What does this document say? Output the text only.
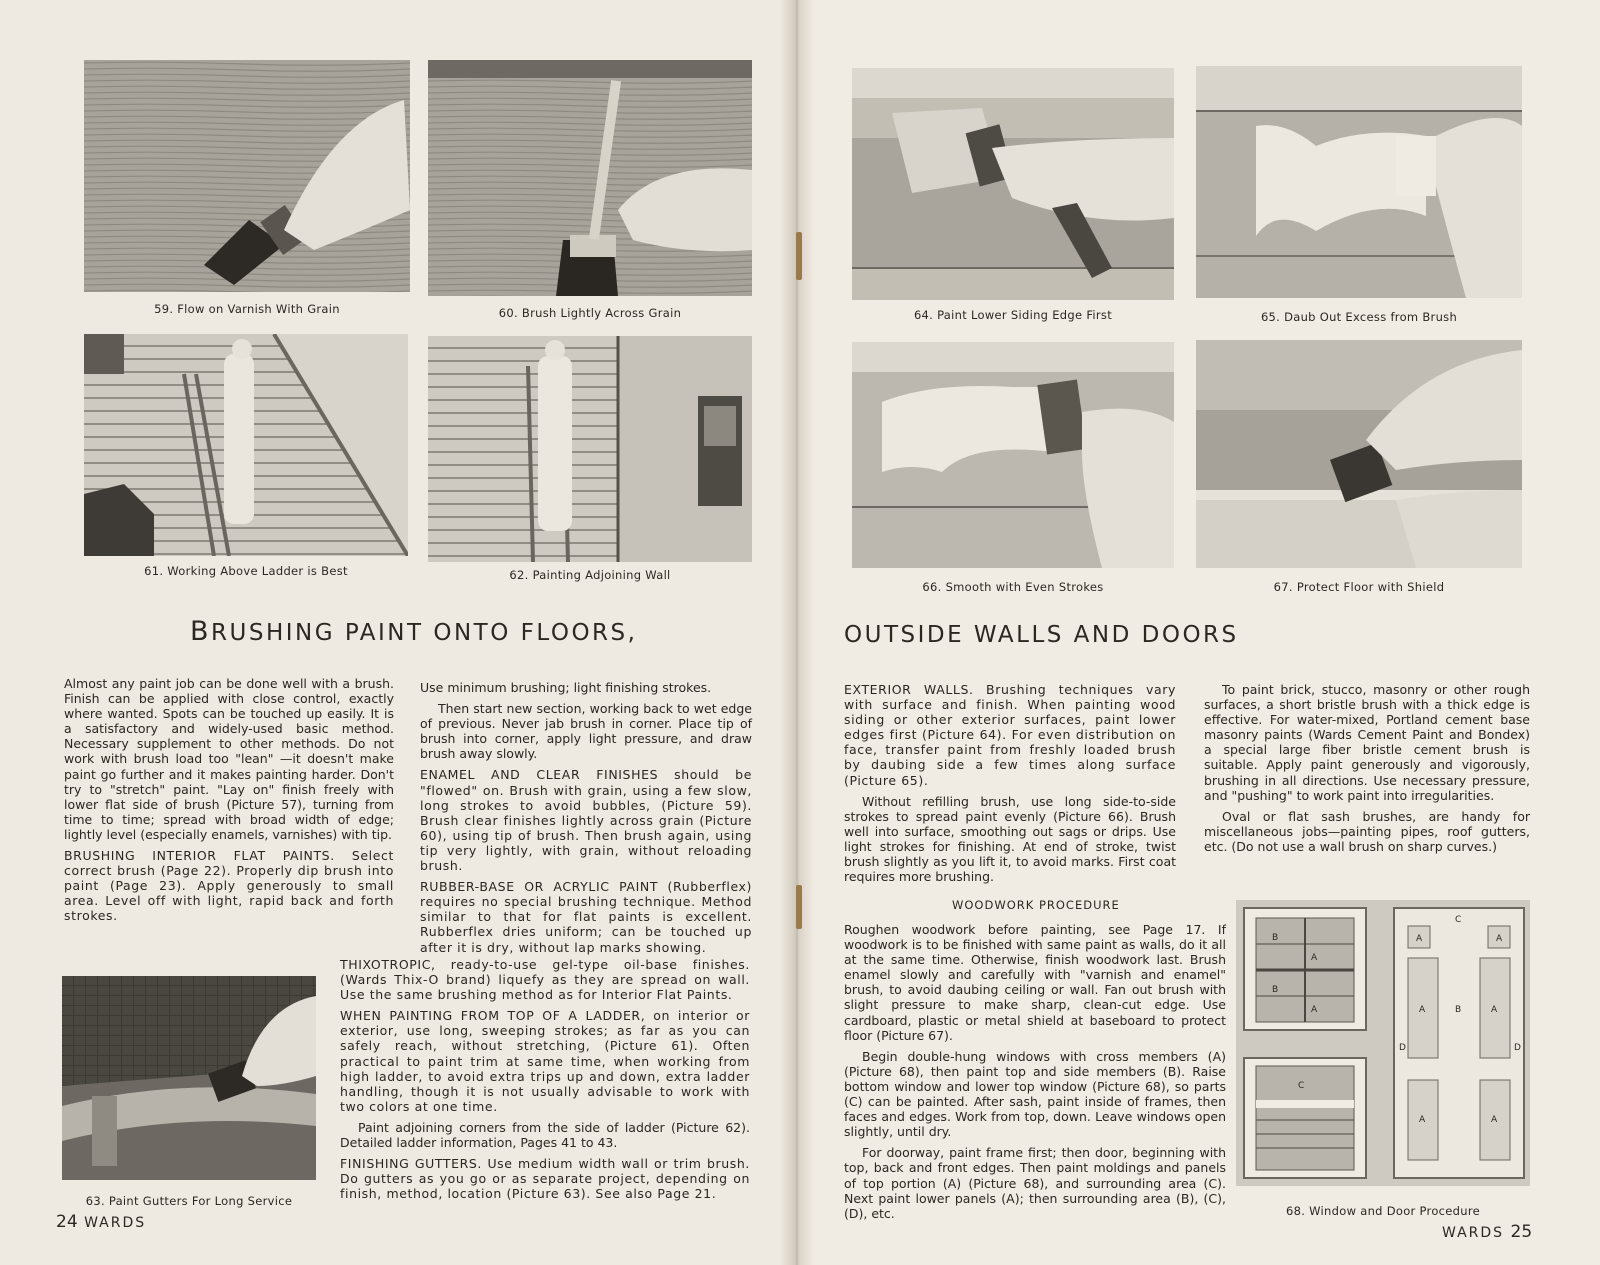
59. Flow on Varnish With Grain	60. Brush Lightly Across Grain
61. Working Above Ladder is Best	62. Painting Adjoining Wall
63. Paint Gutters For Long Service
64. Paint Lower Siding Edge First	65. Daub Out Excess from Brush
66. Smooth with Even Strokes	67. Protect Floor with Shield
B
B
A
A
C
A	A
A	A
A	A
B
C
D	D
68. Window and Door Procedure
BRUSHING PAINT ONTO FLOORS,	OUTSIDE WALLS AND DOORS

Almost any paint job can be done well with a brush. Finish can be applied with close control, exactly where wanted. Spots can be touched up easily. It is a satisfactory and widely-used basic method. Necessary supplement to other methods. Do not work with brush load too "lean" —it doesn't make paint go further and it makes painting harder. Don't try to "stretch" paint. "Lay on" finish freely with lower flat side of brush (Picture 57), turning from time to time; spread with broad width of edge; lightly level (especially enamels, varnishes) with tip.

BRUSHING INTERIOR FLAT PAINTS. Select correct brush (Page 22). Properly dip brush into paint (Page 23). Apply generously to small area. Level off with light, rapid back and forth strokes.

Use minimum brushing; light finishing strokes.

Then start new section, working back to wet edge of previous. Never jab brush in corner. Place tip of brush into corner, apply light pressure, and draw brush away slowly.

ENAMEL AND CLEAR FINISHES should be "flowed" on. Brush with grain, using a few slow, long strokes to avoid bubbles, (Picture 59). Brush clear finishes lightly across grain (Picture 60), using tip of brush. Then brush again, using tip very lightly, with grain, without reloading brush.

RUBBER-BASE OR ACRYLIC PAINT (Rubberflex) requires no special brushing technique. Method similar to that for flat paints is excellent. Rubberflex dries uniform; can be touched up after it is dry, without lap marks showing.

THIXOTROPIC, ready-to-use gel-type oil-base finishes. (Wards Thix-O brand) liquefy as they are spread on wall. Use the same brushing method as for Interior Flat Paints.

WHEN PAINTING FROM TOP OF A LADDER, on interior or exterior, use long, sweeping strokes; as far as you can safely reach, without stretching, (Picture 61). Often practical to paint trim at same time, when working from high ladder, to avoid extra trips up and down, extra ladder handling, though it is not usually advisable to work with two colors at one time.

Paint adjoining corners from the side of ladder (Picture 62). Detailed ladder information, Pages 41 to 43.

FINISHING GUTTERS. Use medium width wall or trim brush. Do gutters as you go or as separate project, depending on finish, method, location (Picture 63). See also Page 21.

EXTERIOR WALLS. Brushing techniques vary with surface and finish. When painting wood siding or other exterior surfaces, paint lower edges first (Picture 64). For even distribution on face, transfer paint from freshly loaded brush by daubing side a few times along surface (Picture 65).

Without refilling brush, use long side-to-side strokes to spread paint evenly (Picture 66). Brush well into surface, smoothing out sags or drips. Use light strokes for finishing. At end of stroke, twist brush slightly as you lift it, to avoid marks. First coat requires more brushing.

To paint brick, stucco, masonry or other rough surfaces, a short bristle brush with a thick edge is effective. For water-mixed, Portland cement base masonry paints (Wards Cement Paint and Bondex) a special large fiber bristle cement brush is suitable. Apply paint generously and vigorously, brushing in all directions. Use necessary pressure, and "pushing" to work paint into irregularities.

Oval or flat sash brushes, are handy for miscellaneous jobs—painting pipes, roof gutters, etc. (Do not use a wall brush on sharp curves.)

WOODWORK PROCEDURE

Roughen woodwork before painting, see Page 17. If woodwork is to be finished with same paint as walls, do it all at the same time. Otherwise, finish woodwork last. Brush enamel slowly and carefully with "varnish and enamel" brush, to avoid daubing ceiling or wall. Fan out brush with slight pressure to make sharp, clean-cut edge. Use cardboard, plastic or metal shield at baseboard to protect floor (Picture 67).

Begin double-hung windows with cross members (A) (Picture 68), then paint top and side members (B). Raise bottom window and lower top window (Picture 68), so parts (C) can be painted. After sash, paint inside of frames, then faces and edges. Work from top, down. Leave windows open slightly, until dry.

For doorway, paint frame first; then door, beginning with top, back and front edges. Then paint moldings and panels of top portion (A) (Picture 68), and surrounding area (C). Next paint lower panels (A); then surrounding area (B), (C), (D), etc.

24 WARDS
WARDS 25
